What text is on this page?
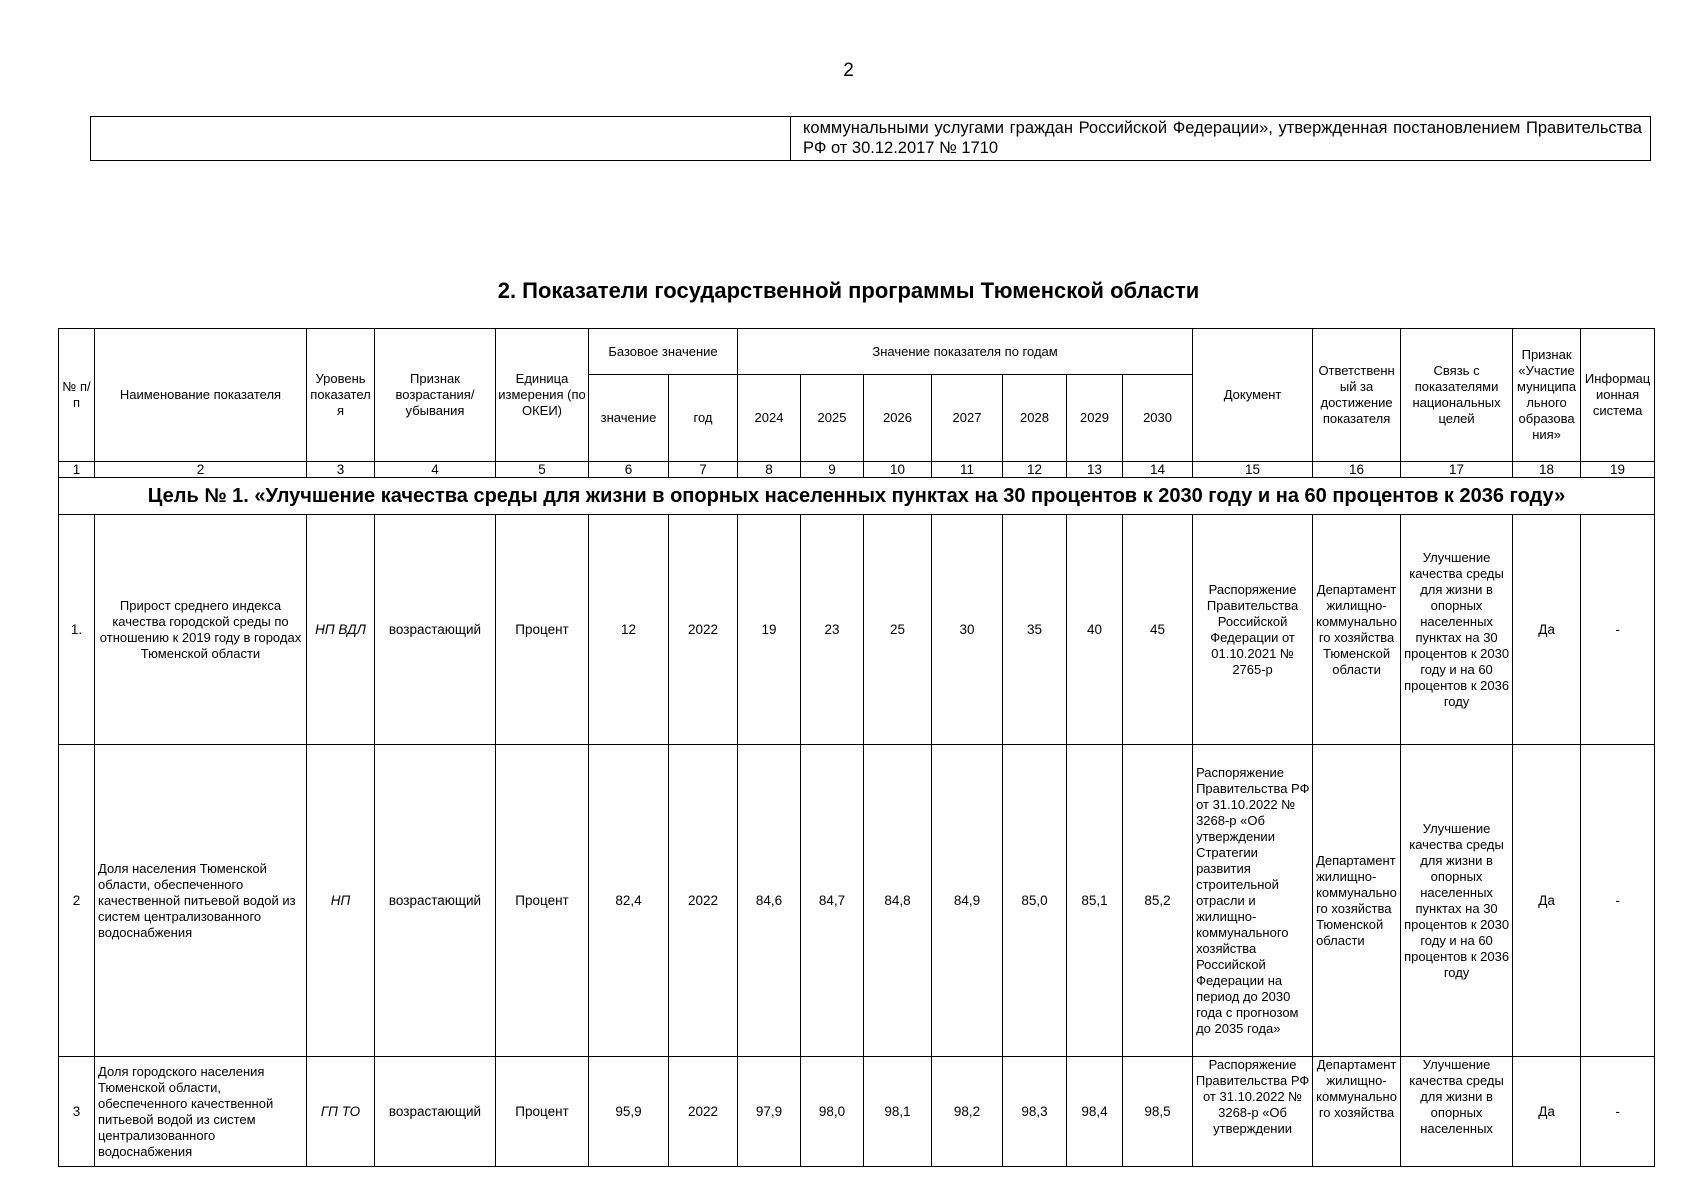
2
	коммунальными услугами граждан Российской Федерации», утвержденная постановлением Правительства РФ от 30.12.2017 № 1710
2. Показатели государственной программы Тюменской области
№ п/п	Наименование показателя	Уровень показателя	Признак возрастания/ убывания	Единица измерения (по ОКЕИ)	Базовое значение		Значение показателя по годам							Документ	Ответственный за достижение показателя	Связь с показателями национальных целей	Признак «Участие муниципального образования»	Информационная система
					значение	год	2024	2025	2026	2027	2028	2029	2030					
1	2	3	4	5	6	7	8	9	10	11	12	13	14	15	16	17	18	19
Цель № 1. «Улучшение качества среды для жизни в опорных населенных пунктах на 30 процентов к 2030 году и на 60 процентов к 2036 году»																		
1.	Прирост среднего индекса качества городской среды по отношению к 2019 году в городах Тюменской области	НП ВДЛ	возрастающий	Процент	12	2022	19	23	25	30	35	40	45	Распоряжение Правительства Российской Федерации от 01.10.2021 № 2765-р	Департамент жилищно-коммунального хозяйства Тюменской области	Улучшение качества среды для жизни в опорных населенных пунктах на 30 процентов к 2030 году и на 60 процентов к 2036 году	Да	-
2	Доля населения Тюменской области, обеспеченного качественной питьевой водой из систем централизованного водоснабжения	НП	возрастающий	Процент	82,4	2022	84,6	84,7	84,8	84,9	85,0	85,1	85,2	Распоряжение Правительства РФ от 31.10.2022 № 3268-р «Об утверждении Стратегии развития строительной отрасли и жилищно-коммунального хозяйства Российской Федерации на период до 2030 года с прогнозом до 2035 года»	Департамент жилищно-коммунального хозяйства Тюменской области	Улучшение качества среды для жизни в опорных населенных пунктах на 30 процентов к 2030 году и на 60 процентов к 2036 году	Да	-
3	Доля городского населения Тюменской области, обеспеченного качественной питьевой водой из систем централизованного водоснабжения	ГП ТО	возрастающий	Процент	95,9	2022	97,9	98,0	98,1	98,2	98,3	98,4	98,5	Распоряжение Правительства РФ от 31.10.2022 № 3268-р «Об утверждении	Департамент жилищно-коммунального хозяйства	Улучшение качества среды для жизни в опорных населенных	Да	-
